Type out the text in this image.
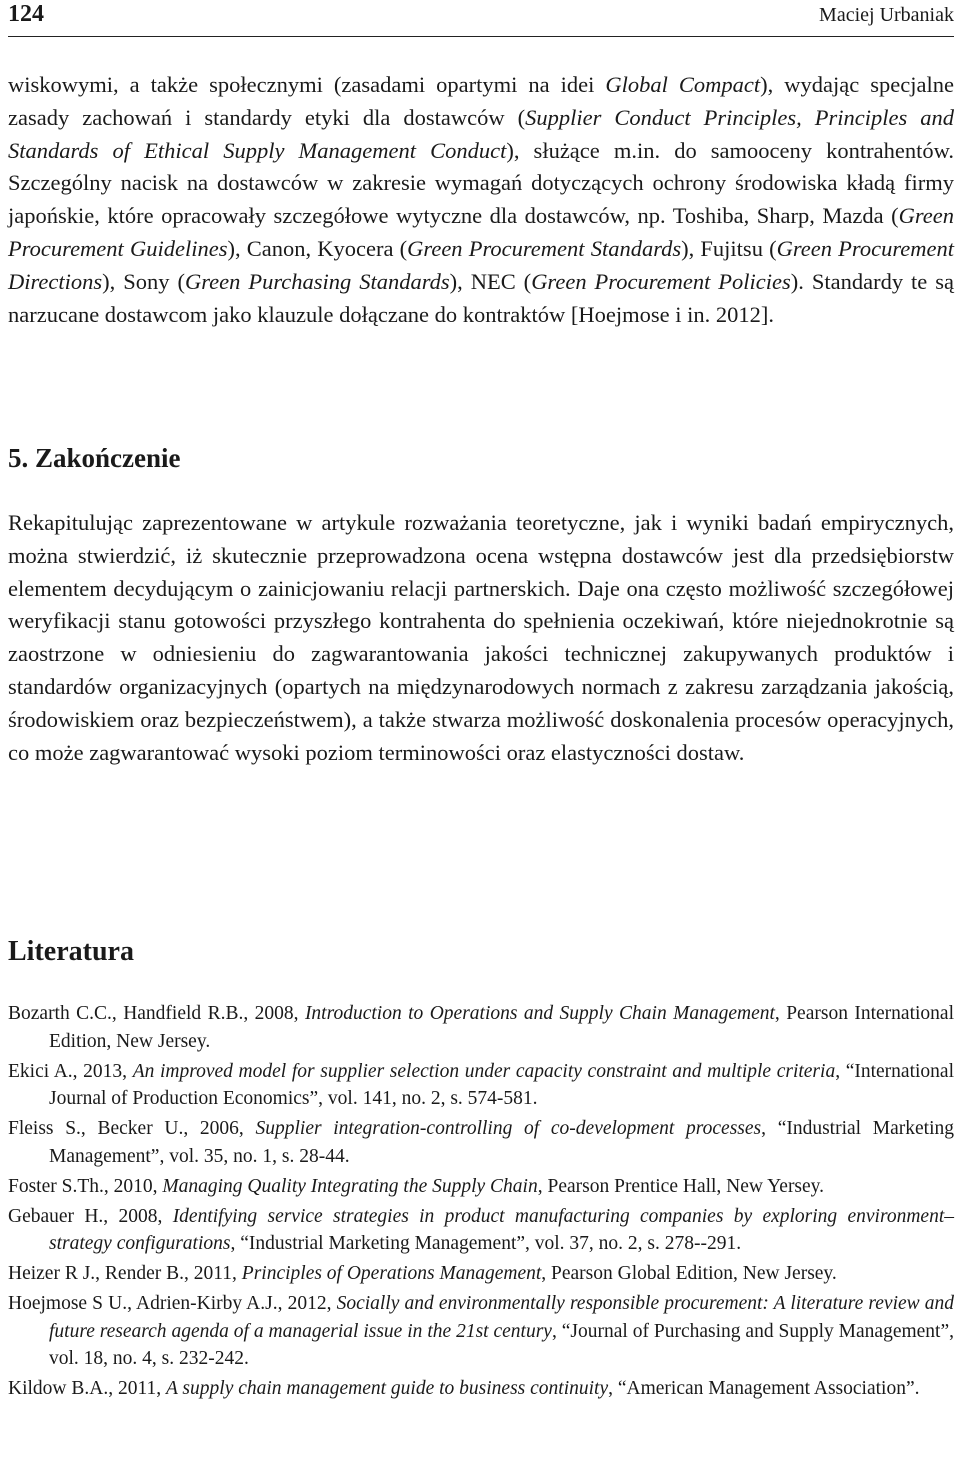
124	Maciej Urbaniak

wiskowymi, a także społecznymi (zasadami opartymi na idei Global Compact), wydając specjalne zasady zachowań i standardy etyki dla dostawców (Supplier Conduct Principles, Principles and Standards of Ethical Supply Management Conduct), służące m.in. do samooceny kontrahentów. Szczególny nacisk na dostawców w zakresie wymagań dotyczących ochrony środowiska kładą firmy japońskie, które opracowały szczegółowe wytyczne dla dostawców, np. Toshiba, Sharp, Mazda (Green Procurement Guidelines), Canon, Kyocera (Green Procurement Standards), Fujitsu (Green Procurement Directions), Sony (Green Purchasing Standards), NEC (Green Procurement Policies). Standardy te są narzucane dostawcom jako klauzule dołączane do kontraktów [Hoejmose i in. 2012].

5. Zakończenie

Rekapitulując zaprezentowane w artykule rozważania teoretyczne, jak i wyniki badań empirycznych, można stwierdzić, iż skutecznie przeprowadzona ocena wstępna dostawców jest dla przedsiębiorstw elementem decydującym o zainicjowaniu relacji partnerskich. Daje ona często możliwość szczegółowej weryfikacji stanu gotowości przyszłego kontrahenta do spełnienia oczekiwań, które niejednokrotnie są zaostrzone w odniesieniu do zagwarantowania jakości technicznej zakupywanych produktów i standardów organizacyjnych (opartych na międzynarodowych normach z zakresu zarządzania jakością, środowiskiem oraz bezpieczeństwem), a także stwarza możliwość doskonalenia procesów operacyjnych, co może zagwarantować wysoki poziom terminowości oraz elastyczności dostaw.

Literatura
Bozarth C.C., Handfield R.B., 2008, Introduction to Operations and Supply Chain Management, Pearson International Edition, New Jersey.
Ekici A., 2013, An improved model for supplier selection under capacity constraint and multiple criteria, “International Journal of Production Economics”, vol. 141, no. 2, s. 574-581.
Fleiss S., Becker U., 2006, Supplier integration-controlling of co-development processes, “Industrial Marketing Management”, vol. 35, no. 1, s. 28-44.
Foster S.Th., 2010, Managing Quality Integrating the Supply Chain, Pearson Prentice Hall, New Yersey.
Gebauer H., 2008, Identifying service strategies in product manufacturing companies by exploring environment– strategy configurations, “Industrial Marketing Management”, vol. 37, no. 2, s. 278--291.
Heizer R J., Render B., 2011, Principles of Operations Management, Pearson Global Edition, New Jersey.
Hoejmose S U., Adrien-Kirby A.J., 2012, Socially and environmentally responsible procurement: A literature review and future research agenda of a managerial issue in the 21st century, “Journal of Purchasing and Supply Management”, vol. 18, no. 4, s. 232-242.
Kildow B.A., 2011, A supply chain management guide to business continuity, “American Management Association”.
